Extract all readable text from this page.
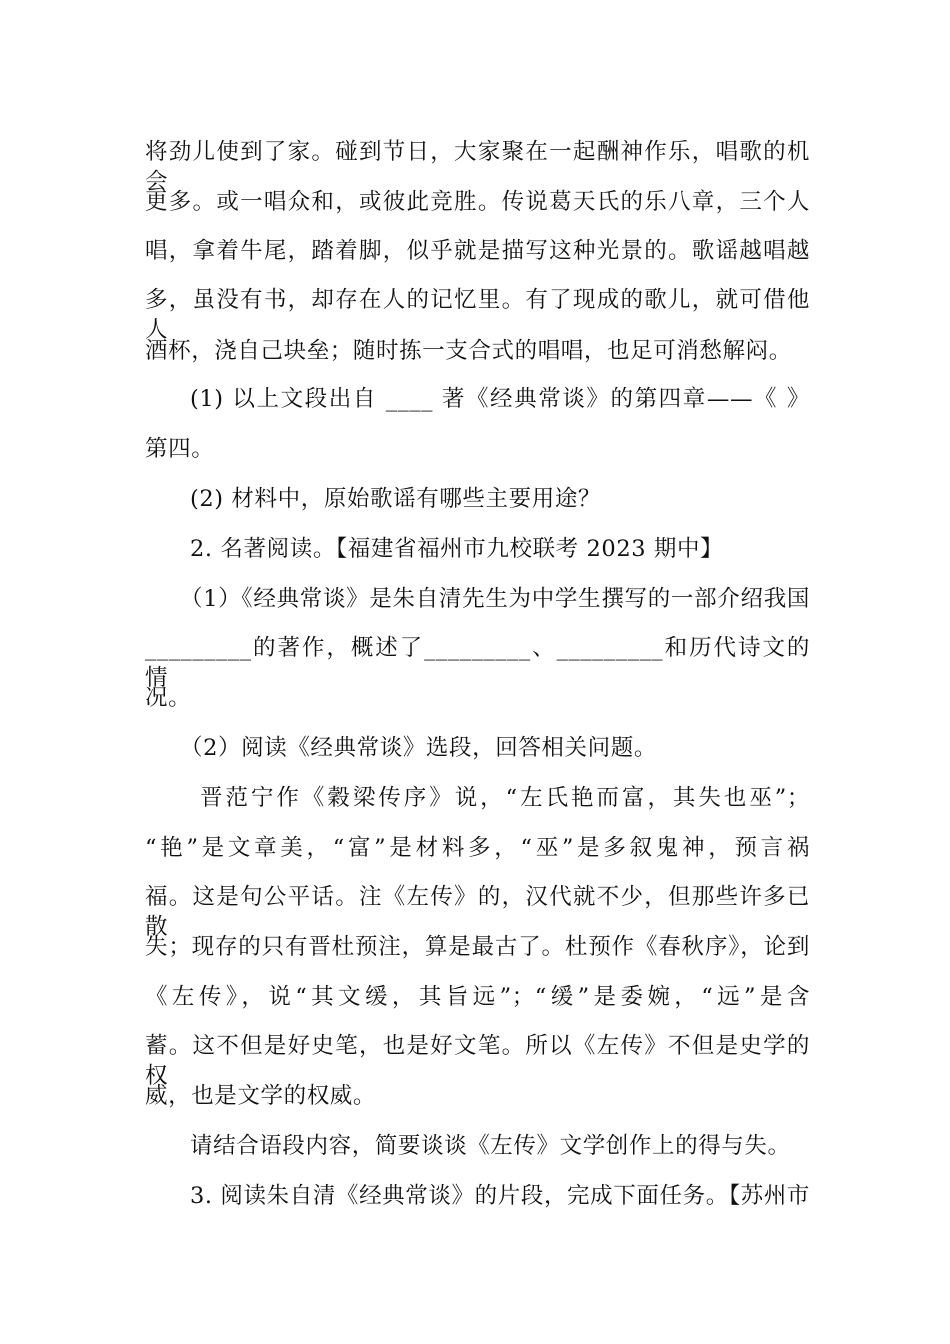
将劲儿使到了家。碰到节日，大家聚在一起酬神作乐，唱歌的机会
更多。或一唱众和，或彼此竞胜。传说葛天氏的乐八章，三个人
唱，拿着牛尾，踏着脚，似乎就是描写这种光景的。歌谣越唱越
多，虽没有书，却存在人的记忆里。有了现成的歌儿，就可借他人
酒杯，浇自己块垒；随时拣一支合式的唱唱，也足可消愁解闷。
(1) 以上文段出自 ____ 著《经典常谈》的第四章——《 》
第四。
(2) 材料中，原始歌谣有哪些主要用途？
2. 名著阅读。【福建省福州市九校联考 2023 期中】
（1）《经典常谈》是朱自清先生为中学生撰写的一部介绍我国
_________的著作，概述了_________、_________和历代诗文的情
况。
（2）阅读《经典常谈》选段，回答相关问题。
晋范宁作《穀梁传序》说，“左氏艳而富，其失也巫”；
“艳”是文章美，“富”是材料多，“巫”是多叙鬼神，预言祸
福。这是句公平话。注《左传》的，汉代就不少，但那些许多已散
失；现存的只有晋杜预注，算是最古了。杜预作《春秋序》，论到
《左传》，说“其文缓，其旨远”；“缓”是委婉，“远”是含
蓄。这不但是好史笔，也是好文笔。所以《左传》不但是史学的权
威，也是文学的权威。
请结合语段内容，简要谈谈《左传》文学创作上的得与失。
3. 阅读朱自清《经典常谈》的片段，完成下面任务。【苏州市
